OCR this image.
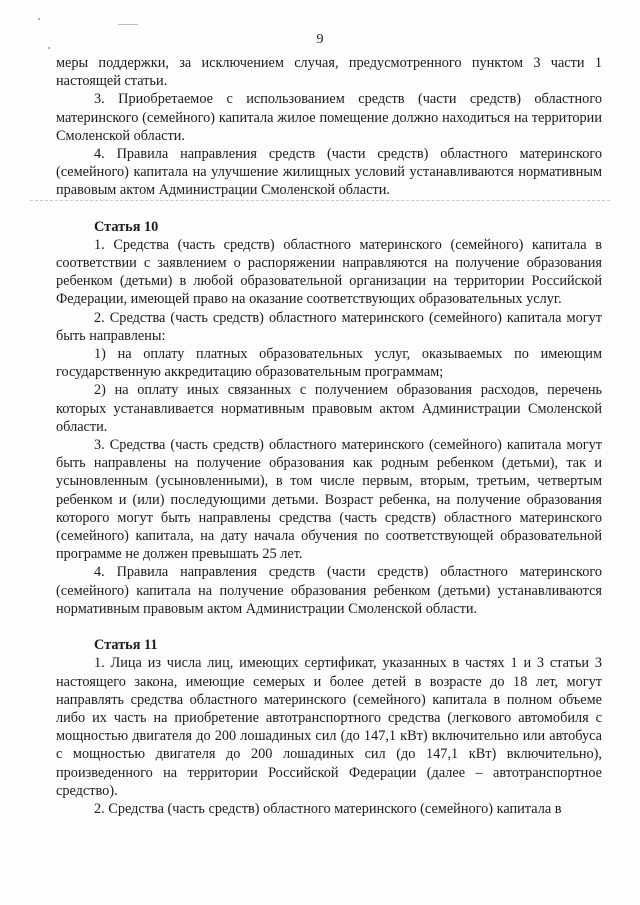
9

меры поддержки, за исключением случая, предусмотренного пунктом 3 части 1 настоящей статьи.

3. Приобретаемое с использованием средств (части средств) областного материнского (семейного) капитала жилое помещение должно находиться на территории Смоленской области.

4. Правила направления средств (части средств) областного материнского (семейного) капитала на улучшение жилищных условий устанавливаются нормативным правовым актом Администрации Смоленской области.

Статья 10

1. Средства (часть средств) областного материнского (семейного) капитала в соответствии с заявлением о распоряжении направляются на получение образования ребенком (детьми) в любой образовательной организации на территории Российской Федерации, имеющей право на оказание соответствующих образовательных услуг.

2. Средства (часть средств) областного материнского (семейного) капитала могут быть направлены:

1) на оплату платных образовательных услуг, оказываемых по имеющим государственную аккредитацию образовательным программам;

2) на оплату иных связанных с получением образования расходов, перечень которых устанавливается нормативным правовым актом Администрации Смоленской области.

3. Средства (часть средств) областного материнского (семейного) капитала могут быть направлены на получение образования как родным ребенком (детьми), так и усыновленным (усыновленными), в том числе первым, вторым, третьим, четвертым ребенком и (или) последующими детьми. Возраст ребенка, на получение образования которого могут быть направлены средства (часть средств) областного материнского (семейного) капитала, на дату начала обучения по соответствующей образовательной программе не должен превышать 25 лет.

4. Правила направления средств (части средств) областного материнского (семейного) капитала на получение образования ребенком (детьми) устанавливаются нормативным правовым актом Администрации Смоленской области.

Статья 11

1. Лица из числа лиц, имеющих сертификат, указанных в частях 1 и 3 статьи 3 настоящего закона, имеющие семерых и более детей в возрасте до 18 лет, могут направлять средства областного материнского (семейного) капитала в полном объеме либо их часть на приобретение автотранспортного средства (легкового автомобиля с мощностью двигателя до 200 лошадиных сил (до 147,1 кВт) включительно или автобуса с мощностью двигателя до 200 лошадиных сил (до 147,1 кВт) включительно), произведенного на территории Российской Федерации (далее – автотранспортное средство).

2. Средства (часть средств) областного материнского (семейного) капитала в
